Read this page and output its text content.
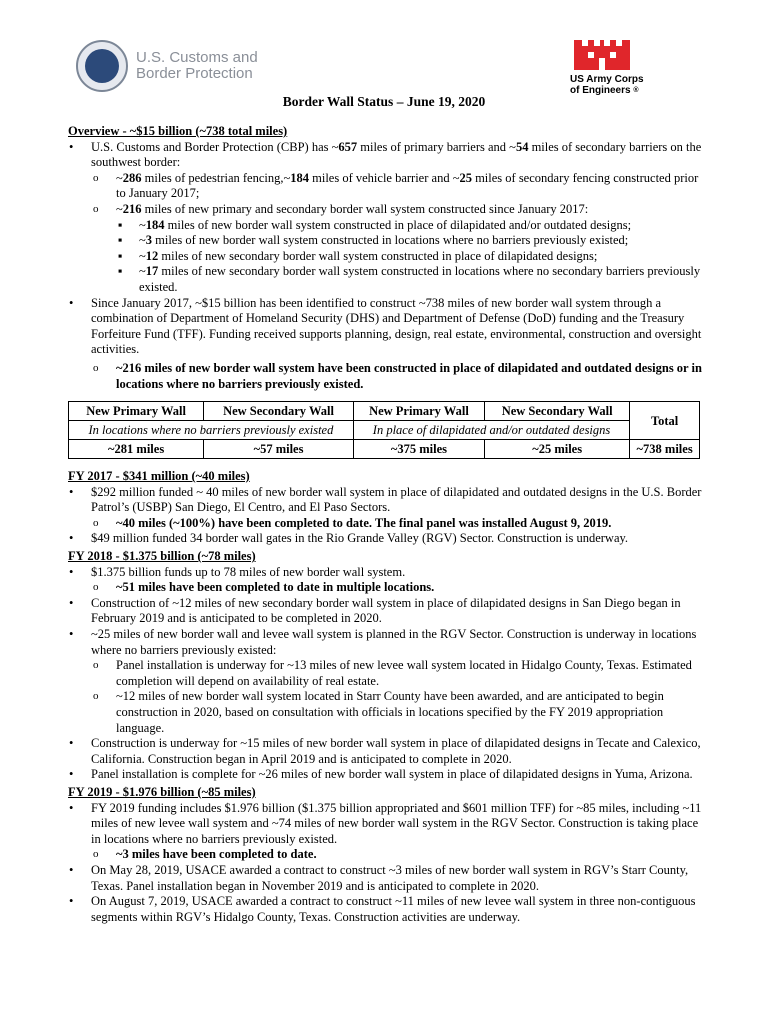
U.S. Customs and
Border Protection	US Army Corps
of Engineers ®
Border Wall Status – June 19, 2020
Overview - ~$15 billion (~738 total miles)
• U.S. Customs and Border Protection (CBP) has ~657 miles of primary barriers and ~54 miles of secondary barriers on the southwest border:
o ~286 miles of pedestrian fencing,~184 miles of vehicle barrier and ~25 miles of secondary fencing constructed prior to January 2017;
o ~216 miles of new primary and secondary border wall system constructed since January 2017:
▪ ~184 miles of new border wall system constructed in place of dilapidated and/or outdated designs;
▪ ~3 miles of new border wall system constructed in locations where no barriers previously existed;
▪ ~12 miles of new secondary border wall system constructed in place of dilapidated designs;
▪ ~17 miles of new secondary border wall system constructed in locations where no secondary barriers previously existed.
• Since January 2017, ~$15 billion has been identified to construct ~738 miles of new border wall system through a combination of Department of Homeland Security (DHS) and Department of Defense (DoD) funding and the Treasury Forfeiture Fund (TFF). Funding received supports planning, design, real estate, environmental, construction and oversight activities.
o ~216 miles of new border wall system have been constructed in place of dilapidated and outdated designs or in locations where no barriers previously existed.
New Primary Wall	New Secondary Wall	New Primary Wall	New Secondary Wall	Total
In locations where no barriers previously existed		In place of dilapidated and/or outdated designs		
~281 miles	~57 miles	~375 miles	~25 miles	~738 miles
FY 2017 - $341 million (~40 miles)
• $292 million funded ~ 40 miles of new border wall system in place of dilapidated and outdated designs in the U.S. Border Patrol’s (USBP) San Diego, El Centro, and El Paso Sectors.
o ~40 miles (~100%) have been completed to date. The final panel was installed August 9, 2019.
• $49 million funded 34 border wall gates in the Rio Grande Valley (RGV) Sector. Construction is underway.
FY 2018 - $1.375 billion (~78 miles)
• $1.375 billion funds up to 78 miles of new border wall system.
o ~51 miles have been completed to date in multiple locations.
• Construction of ~12 miles of new secondary border wall system in place of dilapidated designs in San Diego began in February 2019 and is anticipated to be completed in 2020.
• ~25 miles of new border wall and levee wall system is planned in the RGV Sector. Construction is underway in locations where no barriers previously existed:
o Panel installation is underway for ~13 miles of new levee wall system located in Hidalgo County, Texas. Estimated completion will depend on availability of real estate.
o ~12 miles of new border wall system located in Starr County have been awarded, and are anticipated to begin construction in 2020, based on consultation with officials in locations specified by the FY 2019 appropriation language.
• Construction is underway for ~15 miles of new border wall system in place of dilapidated designs in Tecate and Calexico, California. Construction began in April 2019 and is anticipated to complete in 2020.
• Panel installation is complete for ~26 miles of new border wall system in place of dilapidated designs in Yuma, Arizona.
FY 2019 - $1.976 billion (~85 miles)
• FY 2019 funding includes $1.976 billion ($1.375 billion appropriated and $601 million TFF) for ~85 miles, including ~11 miles of new levee wall system and ~74 miles of new border wall system in the RGV Sector. Construction is taking place in locations where no barriers previously existed.
o ~3 miles have been completed to date.
• On May 28, 2019, USACE awarded a contract to construct ~3 miles of new border wall system in RGV’s Starr County, Texas. Panel installation began in November 2019 and is anticipated to complete in 2020.
• On August 7, 2019, USACE awarded a contract to construct ~11 miles of new levee wall system in three non-contiguous segments within RGV’s Hidalgo County, Texas. Construction activities are underway.
